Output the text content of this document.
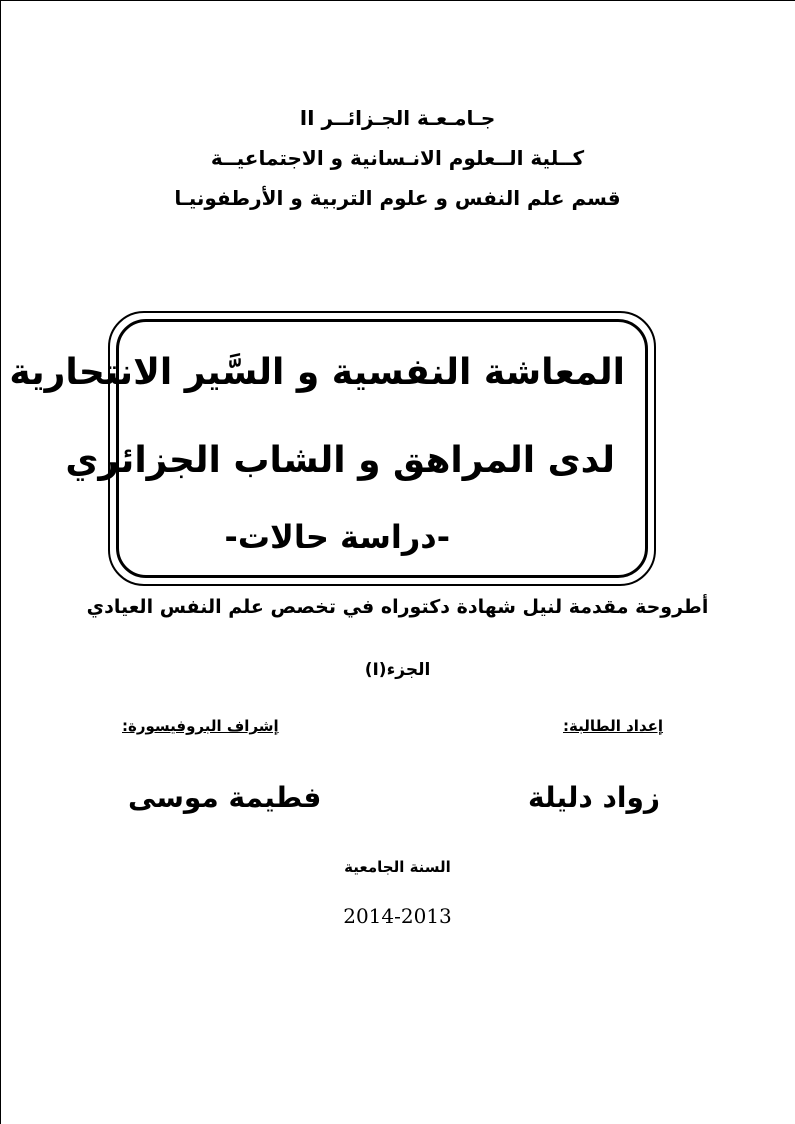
جـامـعـة الجـزائــر II
كــلية الــعلوم الانـسانية و الاجتماعيــة
قسم علم النفس و علوم التربية و الأرطفونيـا
المعاشة النفسية و السَّير الانتحارية
لدى المراهق و الشاب الجزائري
-دراسة حالات-
أطروحة مقدمة لنيل شهادة دكتوراه في تخصص علم النفس العيادي
الجزء(I)
إعداد الطالبة:
إشراف البروفيسورة:
زواد دليلة
فطيمة موسى
السنة الجامعية
2014-2013
